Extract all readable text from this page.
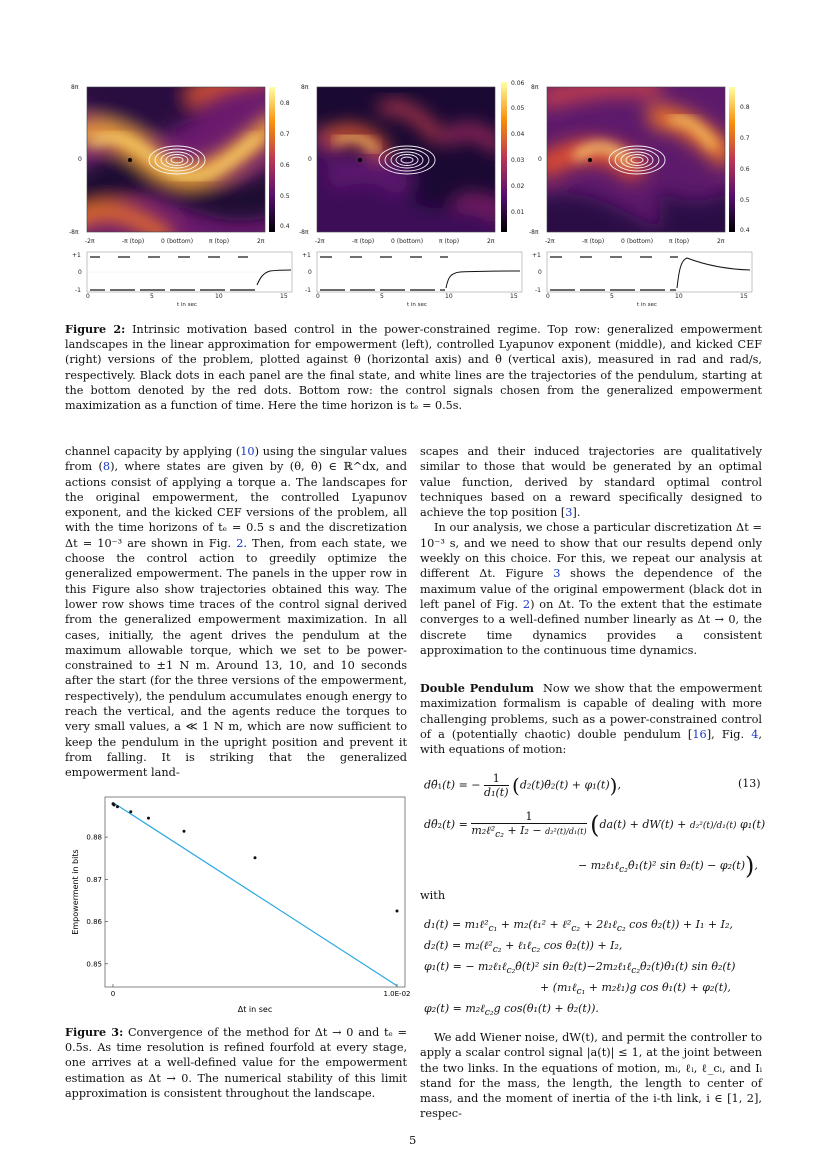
8π
0
-8π
-2π	-π (top)	0 (bottom)	π (top)	2π
0.8
0.7
0.6
0.5
0.4
8π
0
-8π
-2π	-π (top)	0 (bottom)	π (top)	2π
0.06
0.05
0.04
0.03
0.02
0.01
8π
0
-8π
-2π	-π (top)	0 (bottom)	π (top)	2π
0.8
0.7
0.6
0.5
0.4
+1
0
-1
0	5	10	15
t in sec
+1
0
-1
0	5	10	15
t in sec
+1
0
-1
0	5	10	15
t in sec
Figure 2: Intrinsic motivation based control in the power-constrained regime. Top row: generalized empowerment landscapes in the linear approximation for empowerment (left), controlled Lyapunov exponent (middle), and kicked CEF (right) versions of the problem, plotted against θ (horizontal axis) and θ̇ (vertical axis), measured in rad and rad/s, respectively. Black dots in each panel are the final state, and white lines are the trajectories of the pendulum, starting at the bottom denoted by the red dots. Bottom row: the control signals chosen from the generalized empowerment maximization as a function of time. Here the time horizon is tₑ = 0.5s.

channel capacity by applying (10) using the singular values from (8), where states are given by (θ, θ̇) ∈ ℝ^dx, and actions consist of applying a torque a. The landscapes for the original empowerment, the controlled Lyapunov exponent, and the kicked CEF versions of the problem, all with the time horizons of tₑ = 0.5 s and the discretization Δt = 10⁻³ are shown in Fig. 2. Then, from each state, we choose the control action to greedily optimize the generalized empowerment. The panels in the upper row in this Figure also show trajectories obtained this way. The lower row shows time traces of the control signal derived from the generalized empowerment maximization. In all cases, initially, the agent drives the pendulum at the maximum allowable torque, which we set to be power-constrained to ±1 N m. Around 13, 10, and 10 seconds after the start (for the three versions of the empowerment, respectively), the pendulum accumulates enough energy to reach the vertical, and the agents reduce the torques to very small values, a ≪ 1 N m, which are now sufficient to keep the pendulum in the upright position and prevent it from falling. It is striking that the generalized empowerment land-

scapes and their induced trajectories are qualitatively similar to those that would be generated by an optimal value function, derived by standard optimal control techniques based on a reward specifically designed to achieve the top position [3].

In our analysis, we chose a particular discretization Δt = 10⁻³ s, and we need to show that our results depend only weekly on this choice. For this, we repeat our analysis at different Δt. Figure 3 shows the dependence of the maximum value of the original empowerment (black dot in left panel of Fig. 2) on Δt. To the extent that the estimate converges to a well-defined number linearly as Δt → 0, the discrete time dynamics provides a consistent approximation to the continuous time dynamics.

Double Pendulum Now we show that the empowerment maximization formalism is capable of dealing with more challenging problems, such as a power-constrained control of a (potentially chaotic) double pendulum [16], Fig. 4, with equations of motion:

dθ̈₁(t) = − $\frac{1}{\text{d₁(t)}}$ (d₂(t)θ̈₂(t) + φ₁(t)),	(13)
dθ̈₂(t) =
1
$m_2\ell^2_{c_2} + I_2 - d_2^2(t)/d_1(t) (da(t) + dW(t) + d_2^2(t)/d_1(t)$ φ₁(t)
− m₂ℓ₁ℓ$_{c_2}$θ̇₁(t)² sin θ₂(t) − φ₂(t)),
with
$d_1(t) = m_1\ell^2_{c_1}$ + m₂(ℓ₁² + $\ell^2_{c_2}$ + 2ℓ₁ℓ$_{c_2}$ cos θ₂(t)) + I₁ + I₂,
$d_2(t) = m_2(\ell^2_{c_2}$ + ℓ₁ℓ$_{c_2}$ cos θ₂(t)) + I₂,
φ₁(t) = − m₂ℓ₁ℓ$_{c_2}$θ̇(t)² sin θ₂(t)−2m₂ℓ₁ℓ$_{c_2}$θ̇₂(t)θ̇₁(t) sin θ₂(t)
+ (m₁ℓ$_{c_1}$ + m₂ℓ₁)g cos θ₁(t) + φ₂(t),
φ₂(t) = m₂ℓ$_{c_2}$g cos(θ₁(t) + θ₂(t)).

We add Wiener noise, dW(t), and permit the controller to apply a scalar control signal |a(t)| ≤ 1, at the joint between the two links. In the equations of motion, mᵢ, ℓᵢ, ℓ_cᵢ, and Iᵢ stand for the mass, the length, the length to center of mass, and the moment of inertia of the i-th link, i ∈ [1, 2], respec-

0.88
0.87
0.86
0.85
0	1.0E-02
Δt in sec
Empowerment in bits
Figure 3: Convergence of the method for Δt → 0 and tₑ = 0.5s. As time resolution is refined fourfold at every stage, one arrives at a well-defined value for the empowerment estimation as Δt → 0. The numerical stability of this limit approximation is consistent throughout the landscape.
5
